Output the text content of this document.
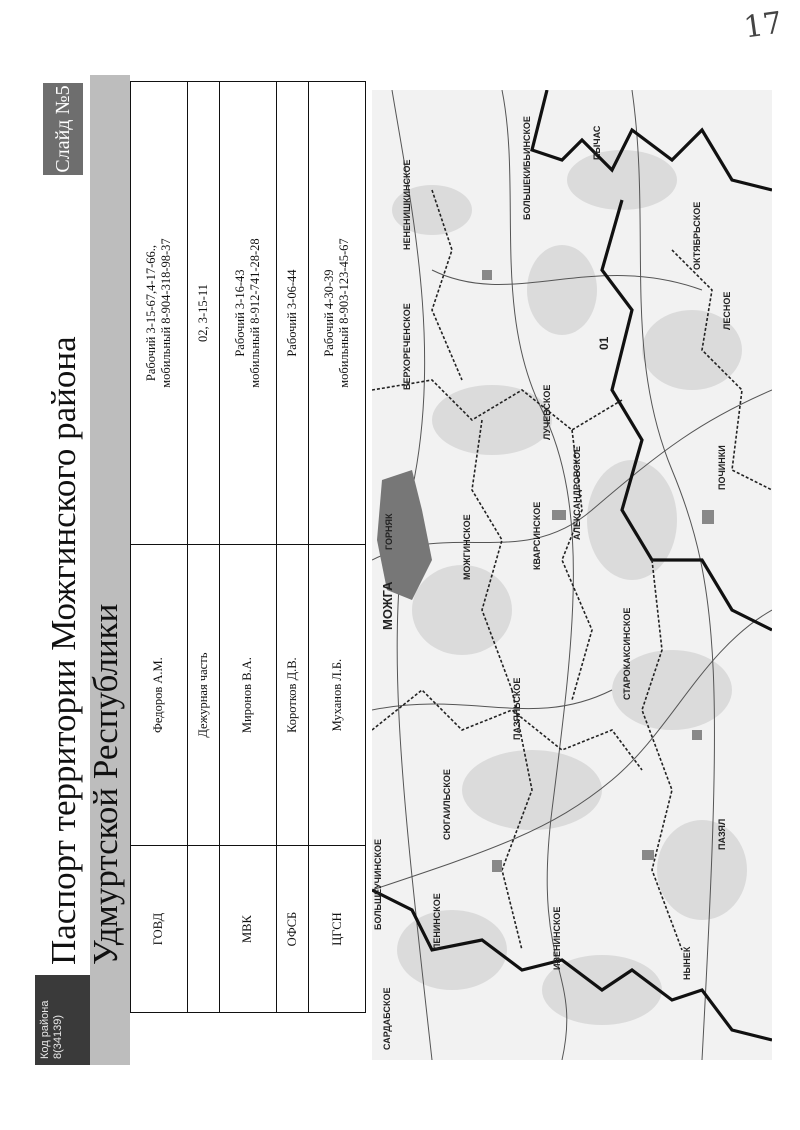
17
Код района 8(34139)
Паспорт территории Можгинского района Удмуртской Республики
Слайд №5
ГОВД	Федоров А.М.	Рабочий 3-15-67,4-17-66., мобильный 8-904-318-98-37

	Дежурная часть	02, 3-15-11

МВК	Миронов В.А.	Рабочий 3-16-43 мобильный 8-912-741-28-28

ОФСБ	Коротков Д.В.	Рабочий 3-06-44

ЦГСН	Муханов Л.Б.	Рабочий 4-30-39 мобильный 8-903-123-45-67
МОЖГА
ВЕРХОРЕЧЕНСКОЕ
НЕНЕНИШКИНСКОЕ	БОЛЬШЕКИБЬИНСКОЕ	ПЫЧАС
МОЖГИНСКОЕ	КВАРСИНСКОЕ	АЛЕКСАНДРОВСКОЕ
СТАРОКАКСИНСКОЕ
ПОЧИНКИ
ГОРНЯК
ЛЕНИНСКОЕ	ИВЕНИНСКОЕ
САРДАБСКОЕ
ОКТЯБРЬСКОЕ
ЛЕСНОЕ
БОЛЬШЕУЧИНСКОЕ
ЛУЧЕВСКОЕ
СЮГАИЛЬСКОЕ
ПАЗЯЛЬСКОЕ
01
НЫНЕК
ПАЗЯЛ
